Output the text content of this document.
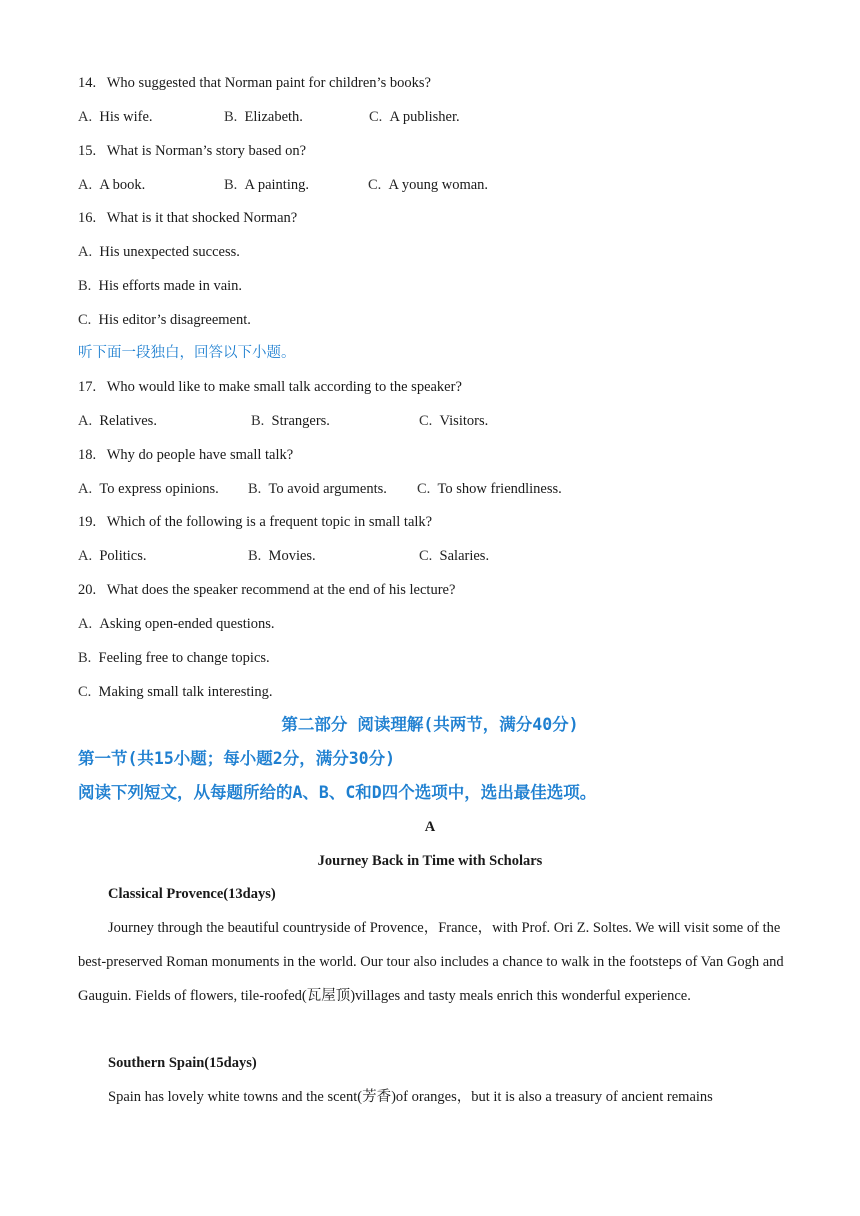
14. Who suggested that Norman paint for children’s books?
A. His wife.	B. Elizabeth.	C. A publisher.
15. What is Norman’s story based on?
A. A book.	B. A painting.	C. A young woman.
16. What is it that shocked Norman?
A. His unexpected success.
B. His efforts made in vain.
C. His editor’s disagreement.
听下面一段独白，回答以下小题。
17. Who would like to make small talk according to the speaker?
A. Relatives.	B. Strangers.	C. Visitors.
18. Why do people have small talk?
A. To express opinions. B. To avoid arguments. C. To show friendliness.
19. Which of the following is a frequent topic in small talk?
A. Politics.	B. Movies.	C. Salaries.
20. What does the speaker recommend at the end of his lecture?
A. Asking open-ended questions.
B. Feeling free to change topics.
C. Making small talk interesting.
第二部分 阅读理解(共两节，满分40分)
第一节(共15小题；每小题2分，满分30分)
阅读下列短文，从每题所给的A、B、C和D四个选项中，选出最佳选项。
A
Journey Back in Time with Scholars
Classical Provence(13days)
Journey through the beautiful countryside of Provence，France，with Prof. Ori Z. Soltes. We will visit some of the best-preserved Roman monuments in the world. Our tour also includes a chance to walk in the footsteps of Van Gogh and Gauguin. Fields of flowers, tile-roofed(瓦屋顶)villages and tasty meals enrich this wonderful experience.
Southern Spain(15days)
Spain has lovely white towns and the scent(芳香)of oranges，but it is also a treasury of ancient remains
